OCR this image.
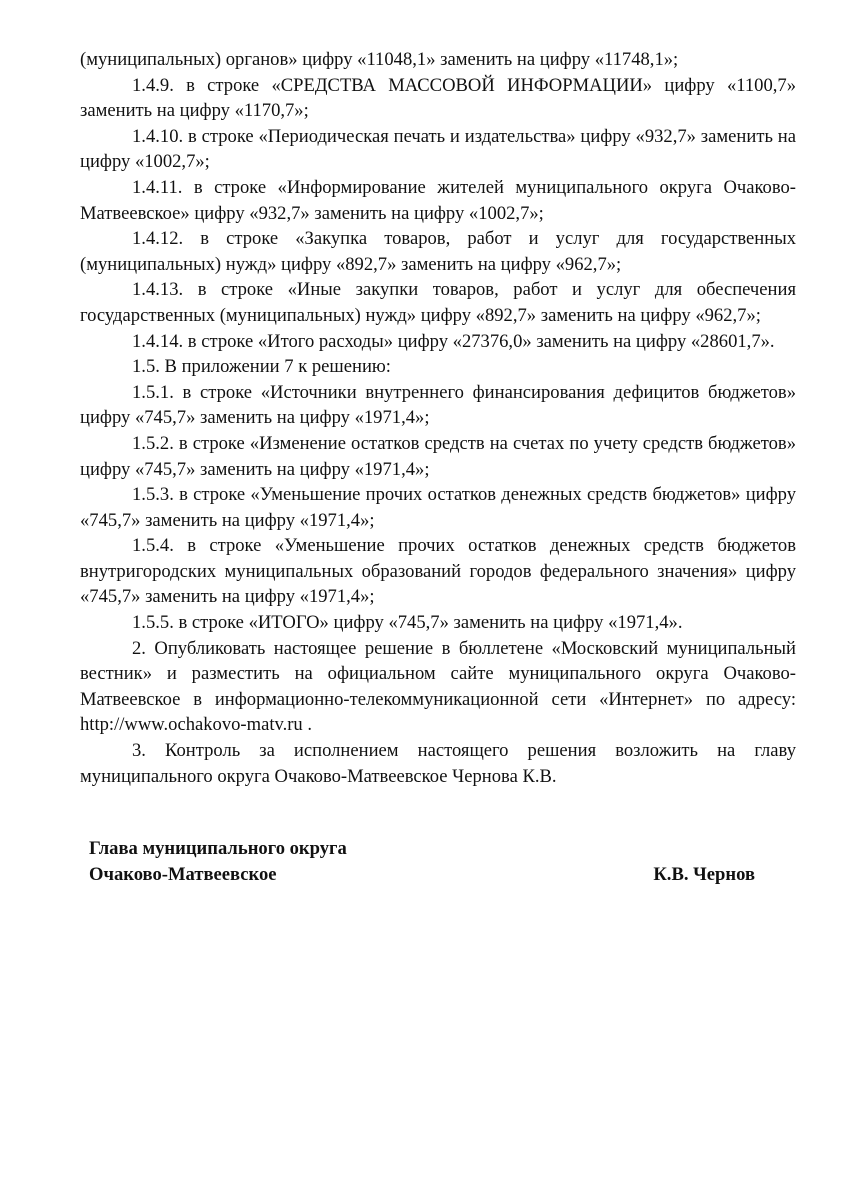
(муниципальных) органов» цифру «11048,1» заменить на цифру «11748,1»;

1.4.9. в строке «СРЕДСТВА МАССОВОЙ ИНФОРМАЦИИ» цифру «1100,7» заменить на цифру «1170,7»;

1.4.10. в строке «Периодическая печать и издательства» цифру «932,7» заменить на цифру «1002,7»;

1.4.11. в строке «Информирование жителей муниципального округа Очаково-Матвеевское» цифру «932,7» заменить на цифру «1002,7»;

1.4.12. в строке «Закупка товаров, работ и услуг для государственных (муниципальных) нужд» цифру «892,7» заменить на цифру «962,7»;

1.4.13. в строке «Иные закупки товаров, работ и услуг для обеспечения государственных (муниципальных) нужд» цифру «892,7» заменить на цифру «962,7»;

1.4.14. в строке «Итого расходы» цифру «27376,0» заменить на цифру «28601,7».

1.5. В приложении 7 к решению:

1.5.1. в строке «Источники внутреннего финансирования дефицитов бюджетов» цифру «745,7» заменить на цифру «1971,4»;

1.5.2. в строке «Изменение остатков средств на счетах по учету средств бюджетов» цифру «745,7» заменить на цифру «1971,4»;

1.5.3. в строке «Уменьшение прочих остатков денежных средств бюджетов» цифру «745,7» заменить на цифру «1971,4»;

1.5.4. в строке «Уменьшение прочих остатков денежных средств бюджетов внутригородских муниципальных образований городов федерального значения» цифру «745,7» заменить на цифру «1971,4»;

1.5.5. в строке «ИТОГО» цифру «745,7» заменить на цифру «1971,4».

2. Опубликовать настоящее решение в бюллетене «Московский муниципальный вестник» и разместить на официальном сайте муниципального округа Очаково-Матвеевское в информационно-телекоммуникационной сети «Интернет» по адресу: http://www.ochakovo-matv.ru .

3. Контроль за исполнением настоящего решения возложить на главу муниципального округа Очаково-Матвеевское Чернова К.В.

Глава муниципального округа
Очаково-Матвеевское	К.В. Чернов
